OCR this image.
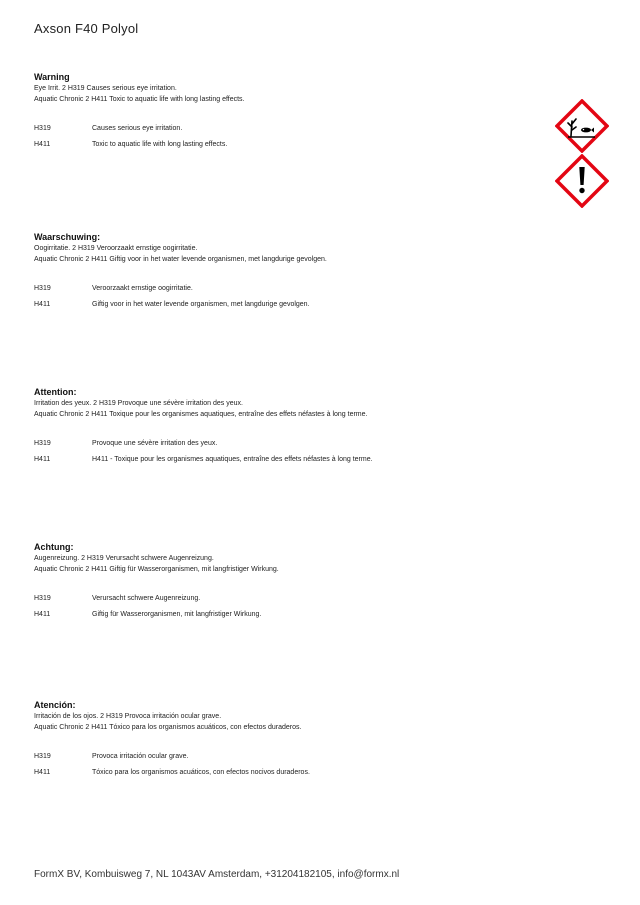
Axson F40 Polyol
Warning
Eye Irrit. 2 H319 Causes serious eye irritation.
Aquatic Chronic 2 H411 Toxic to aquatic life with long lasting effects.
H319	Causes serious eye irritation.
H411	Toxic to aquatic life with long lasting effects.
Waarschuwing:
Oogirritatie. 2 H319 Veroorzaakt ernstige oogirritatie.
Aquatic Chronic 2 H411 Giftig voor in het water levende organismen, met langdurige gevolgen.
H319	Veroorzaakt ernstige oogirritatie.
H411	Giftig voor in het water levende organismen, met langdurige gevolgen.
Attention:
Irritation des yeux. 2 H319 Provoque une sévère irritation des yeux.
Aquatic Chronic 2 H411 Toxique pour les organismes aquatiques, entraîne des effets néfastes à long terme.
H319	Provoque une sévère irritation des yeux.
H411	H411 - Toxique pour les organismes aquatiques, entraîne des effets néfastes à long terme.
Achtung:
Augenreizung. 2 H319 Verursacht schwere Augenreizung.
Aquatic Chronic 2 H411 Giftig für Wasserorganismen, mit langfristiger Wirkung.
H319	Verursacht schwere Augenreizung.
H411	Giftig für Wasserorganismen, mit langfristiger Wirkung.
Atención:
Irritación de los ojos. 2 H319 Provoca irritación ocular grave.
Aquatic Chronic 2 H411 Tóxico para los organismos acuáticos, con efectos duraderos.
H319	Provoca irritación ocular grave.
H411	Tóxico para los organismos acuáticos, con efectos nocivos duraderos.
FormX BV, Kombuisweg 7, NL 1043AV Amsterdam, +31204182105, info@formx.nl
